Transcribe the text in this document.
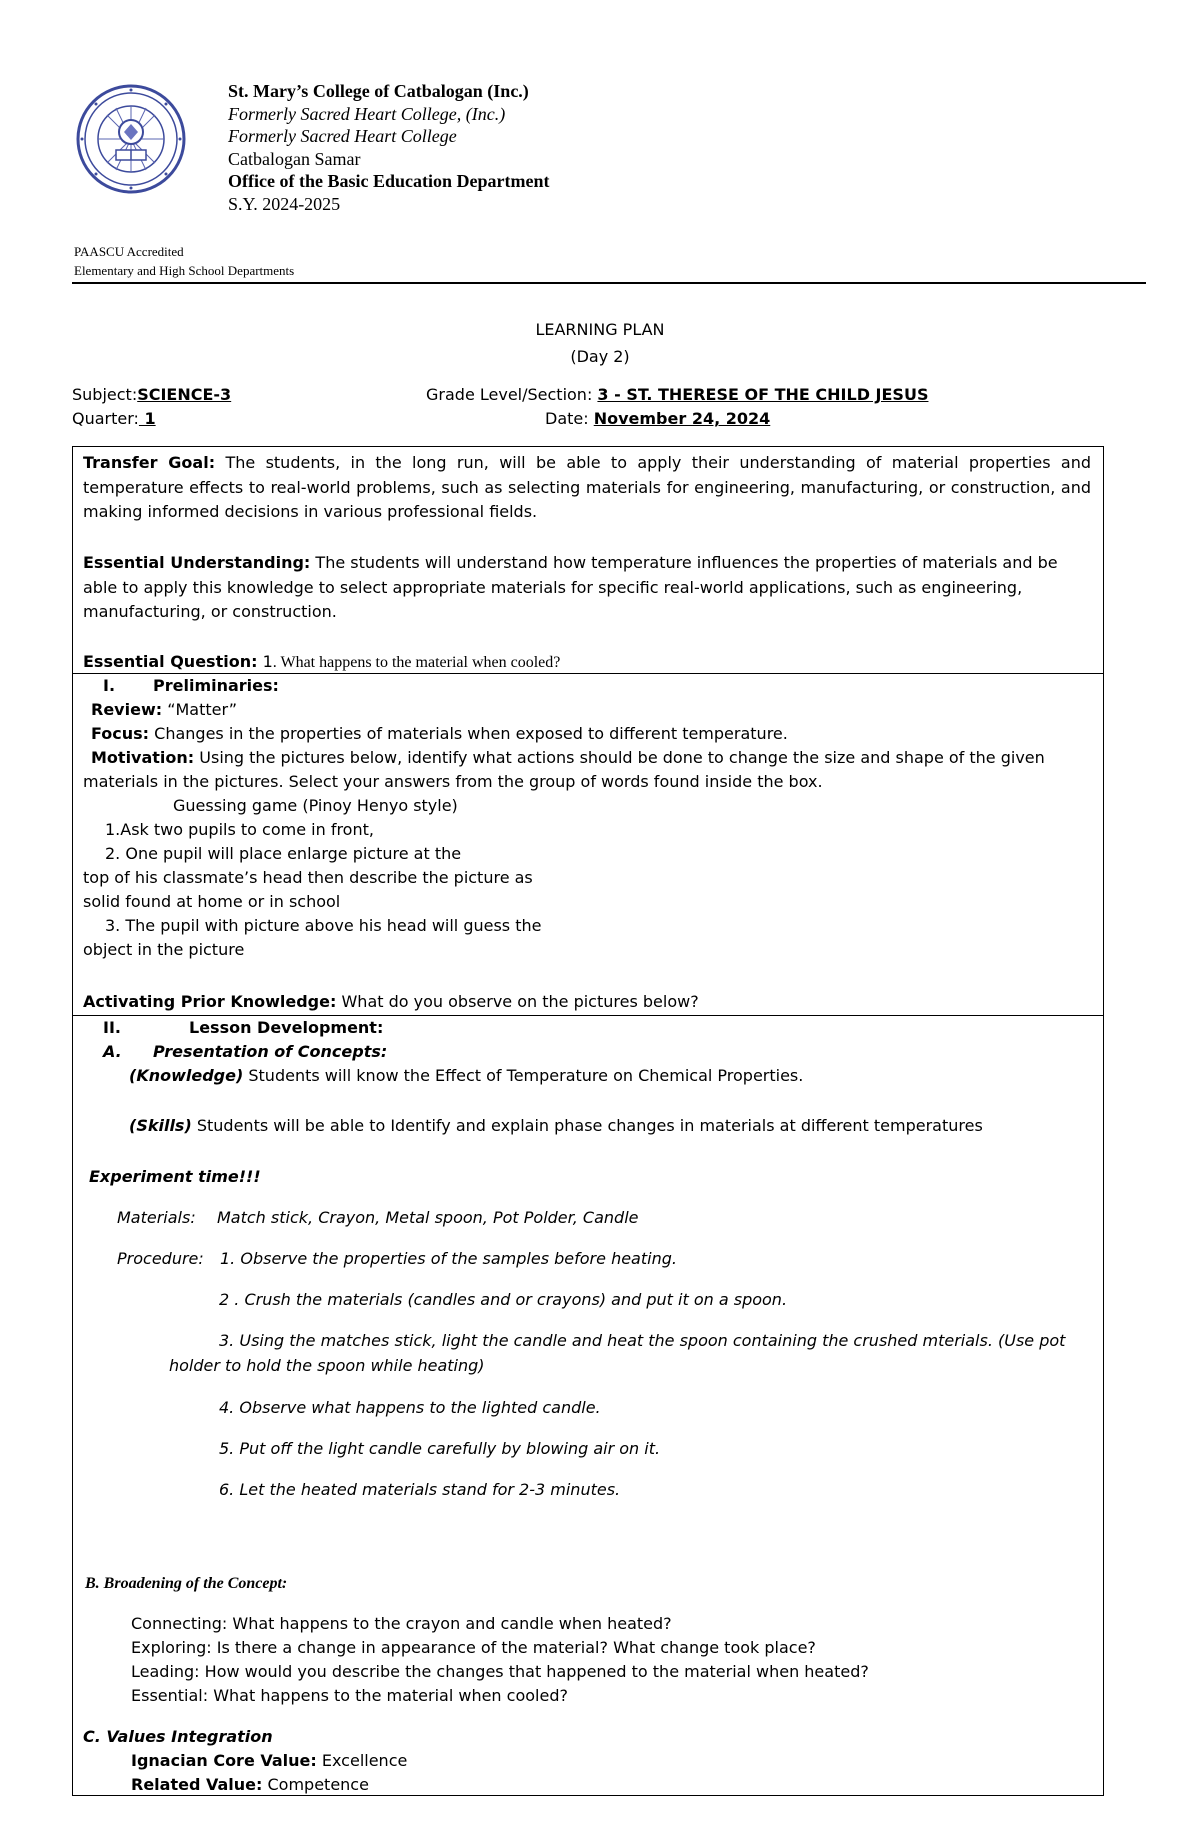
St. Mary’s College of Catbalogan (Inc.)
Formerly Sacred Heart College, (Inc.)
Formerly Sacred Heart College
Catbalogan Samar
Office of the Basic Education Department
S.Y. 2024-2025
PAASCU Accredited
Elementary and High School Departments
LEARNING PLAN
(Day 2)
Subject:SCIENCE-3
Quarter: 1
Grade Level/Section: 3 - ST. THERESE OF THE CHILD JESUS
Date: November 24, 2024
Transfer Goal: The students, in the long run, will be able to apply their understanding of material properties and temperature effects to real-world problems, such as selecting materials for engineering, manufacturing, or construction, and making informed decisions in various professional fields.
Essential Understanding: The students will understand how temperature influences the properties of materials and be able to apply this knowledge to select appropriate materials for specific real-world applications, such as engineering, manufacturing, or construction.
Essential Question: 1. What happens to the material when cooled?
I. Preliminaries:
Review: “Matter”
Focus: Changes in the properties of materials when exposed to different temperature.
Motivation: Using the pictures below, identify what actions should be done to change the size and shape of the given
materials in the pictures. Select your answers from the group of words found inside the box.
Guessing game (Pinoy Henyo style)
1.Ask two pupils to come in front,
2. One pupil will place enlarge picture at the
top of his classmate’s head then describe the picture as
solid found at home or in school
3. The pupil with picture above his head will guess the
object in the picture
Activating Prior Knowledge: What do you observe on the pictures below?
II.	Lesson Development:
A. Presentation of Concepts:
(Knowledge) Students will know the Effect of Temperature on Chemical Properties.
(Skills) Students will be able to Identify and explain phase changes in materials at different temperatures
Experiment time!!!
Materials: Match stick, Crayon, Metal spoon, Pot Polder, Candle
Procedure: 1. Observe the properties of the samples before heating.
2 . Crush the materials (candles and or crayons) and put it on a spoon.
3. Using the matches stick, light the candle and heat the spoon containing the crushed mterials. (Use pot
holder to hold the spoon while heating)
4. Observe what happens to the lighted candle.
5. Put off the light candle carefully by blowing air on it.
6. Let the heated materials stand for 2-3 minutes.
B. Broadening of the Concept:
Connecting: What happens to the crayon and candle when heated?
Exploring: Is there a change in appearance of the material? What change took place?
Leading: How would you describe the changes that happened to the material when heated?
Essential: What happens to the material when cooled?
C. Values Integration
Ignacian Core Value: Excellence
Related Value: Competence
